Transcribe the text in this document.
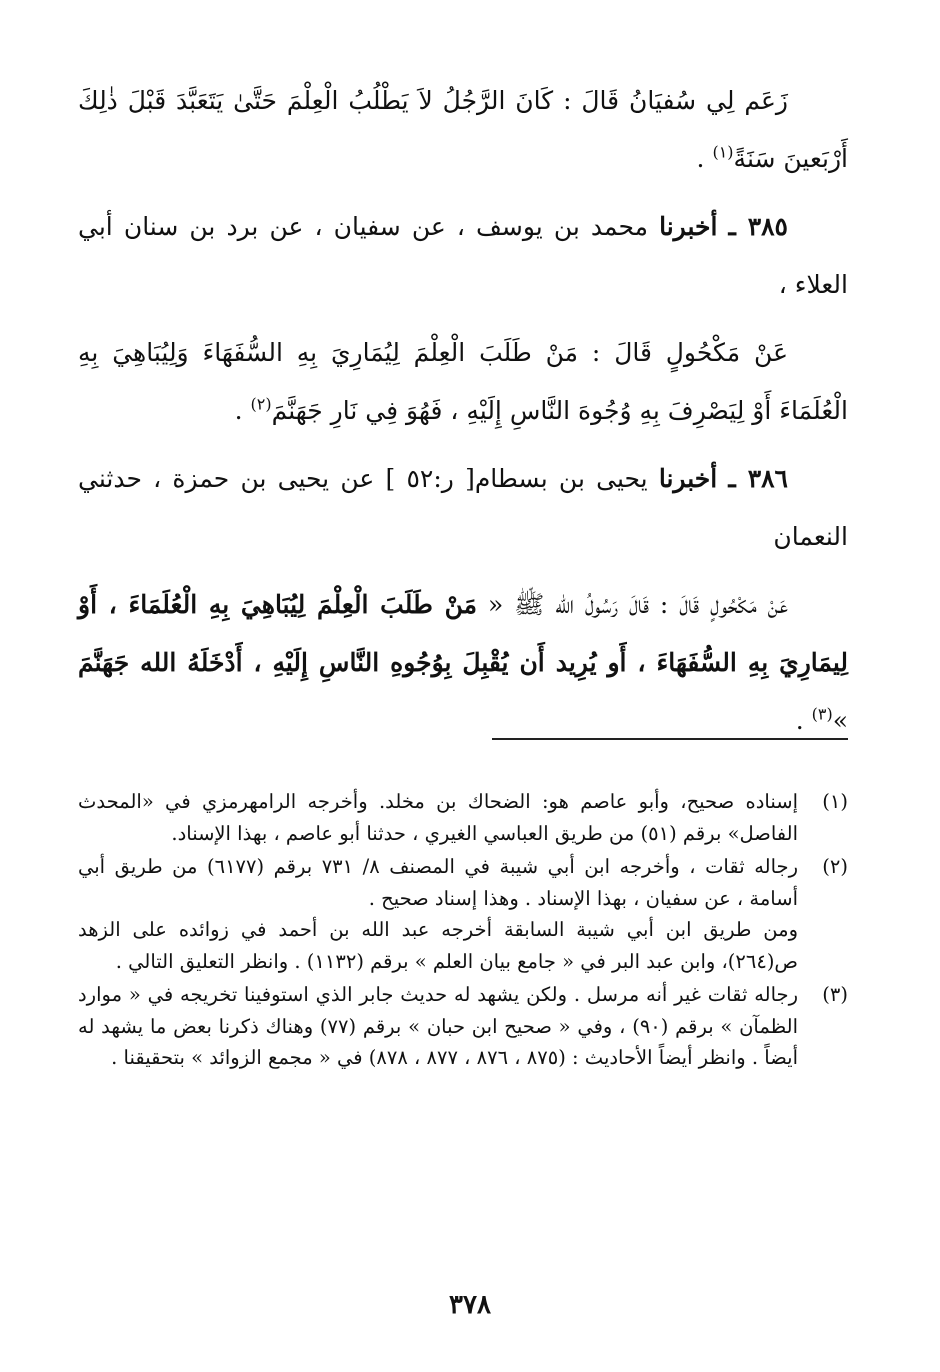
زَعَم لِي سُفيَانُ قَالَ : كَانَ الرَّجُلُ لاَ يَطْلُبُ الْعِلْمَ حَتَّىٰ يَتَعَبَّدَ قَبْلَ ذٰلِكَ أَرْبَعينَ سَنَةً$^{(١)}$ .

٣٨٥ ـ أخبرنا محمد بن يوسف ، عن سفيان ، عن برد بن سنان أبي العلاء ،

عَنْ مَكْحُولٍ قَالَ : مَنْ طَلَبَ الْعِلْمَ لِيُمَارِيَ بِهِ السُّفَهَاءَ وَلِيُبَاهِيَ بِهِ الْعُلَمَاءَ أَوْ لِيَصْرِفَ بِهِ وُجُوهَ النَّاسِ إِلَيْهِ ، فَهُوَ فِي نَارِ جَهَنَّمَ$^{(٢)}$ .

٣٨٦ ـ أخبرنا يحيى بن بسطام[ ر:٥٢ ] عن يحيى بن حمزة ، حدثني النعمان

عَنْ مَكْحُولٍ قَالَ : قَالَ رَسُولُ الله ﷺ « مَنْ طَلَبَ الْعِلْمَ لِيُبَاهِيَ بِهِ الْعُلَمَاءَ ، أَوْ لِيمَارِيَ بِهِ السُّفَهَاءَ ، أَو يُرِيد أَن يُقْبِلَ بِوُجُوهِ النَّاسِ إِلَيْهِ ، أَدْخَلَهُ الله جَهَنَّمَ »$^{(٣)}$ .

(١)
إسناده صحيح، وأبو عاصم هو: الضحاك بن مخلد. وأخرجه الرامهرمزي في «المحدث الفاصل» برقم (٥١) من طريق العباسي الغيري ، حدثنا أبو عاصم ، بهذا الإسناد.
(٢)
رجاله ثقات ، وأخرجه ابن أبي شيبة في المصنف ٨/ ٧٣١ برقم (٦١٧٧) من طريق أبي أسامة ، عن سفيان ، بهذا الإسناد . وهذا إسناد صحيح .
ومن طريق ابن أبي شيبة السابقة أخرجه عبد الله بن أحمد في زوائده على الزهد ص(٢٦٤)، وابن عبد البر في « جامع بيان العلم » برقم (١١٣٢) . وانظر التعليق التالي .
(٣)
رجاله ثقات غير أنه مرسل . ولكن يشهد له حديث جابر الذي استوفينا تخريجه في « موارد الظمآن » برقم (٩٠) ، وفي « صحيح ابن حبان » برقم (٧٧) وهناك ذكرنا بعض ما يشهد له أيضاً . وانظر أيضاً الأحاديث : (٨٧٥ ، ٨٧٦ ، ٨٧٧ ، ٨٧٨) في « مجمع الزوائد » بتحقيقنا .
٣٧٨
